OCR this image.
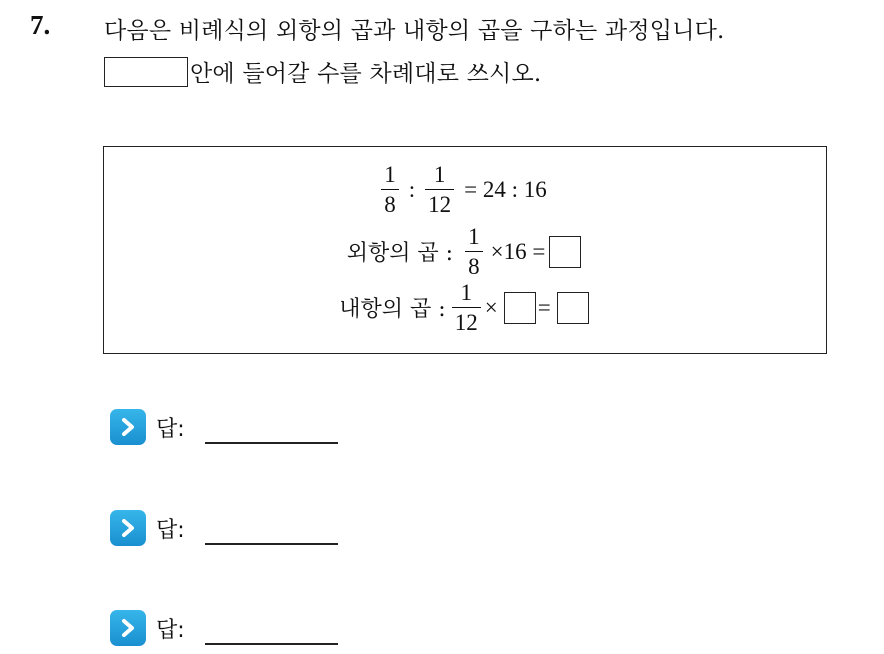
7. 다음은 비례식의 외항의 곱과 내항의 곱을 구하는 과정입니다.
안에 들어갈 수를 차례대로 쓰시오.
$\frac{1}{8}$ : $\frac{1}{12} = 24$ : 16
외항의 곱 : $\frac{1}{8} \times 16$ =
내항의 곱 : $\frac{1}{12}$ × =
답:
답:
답:
